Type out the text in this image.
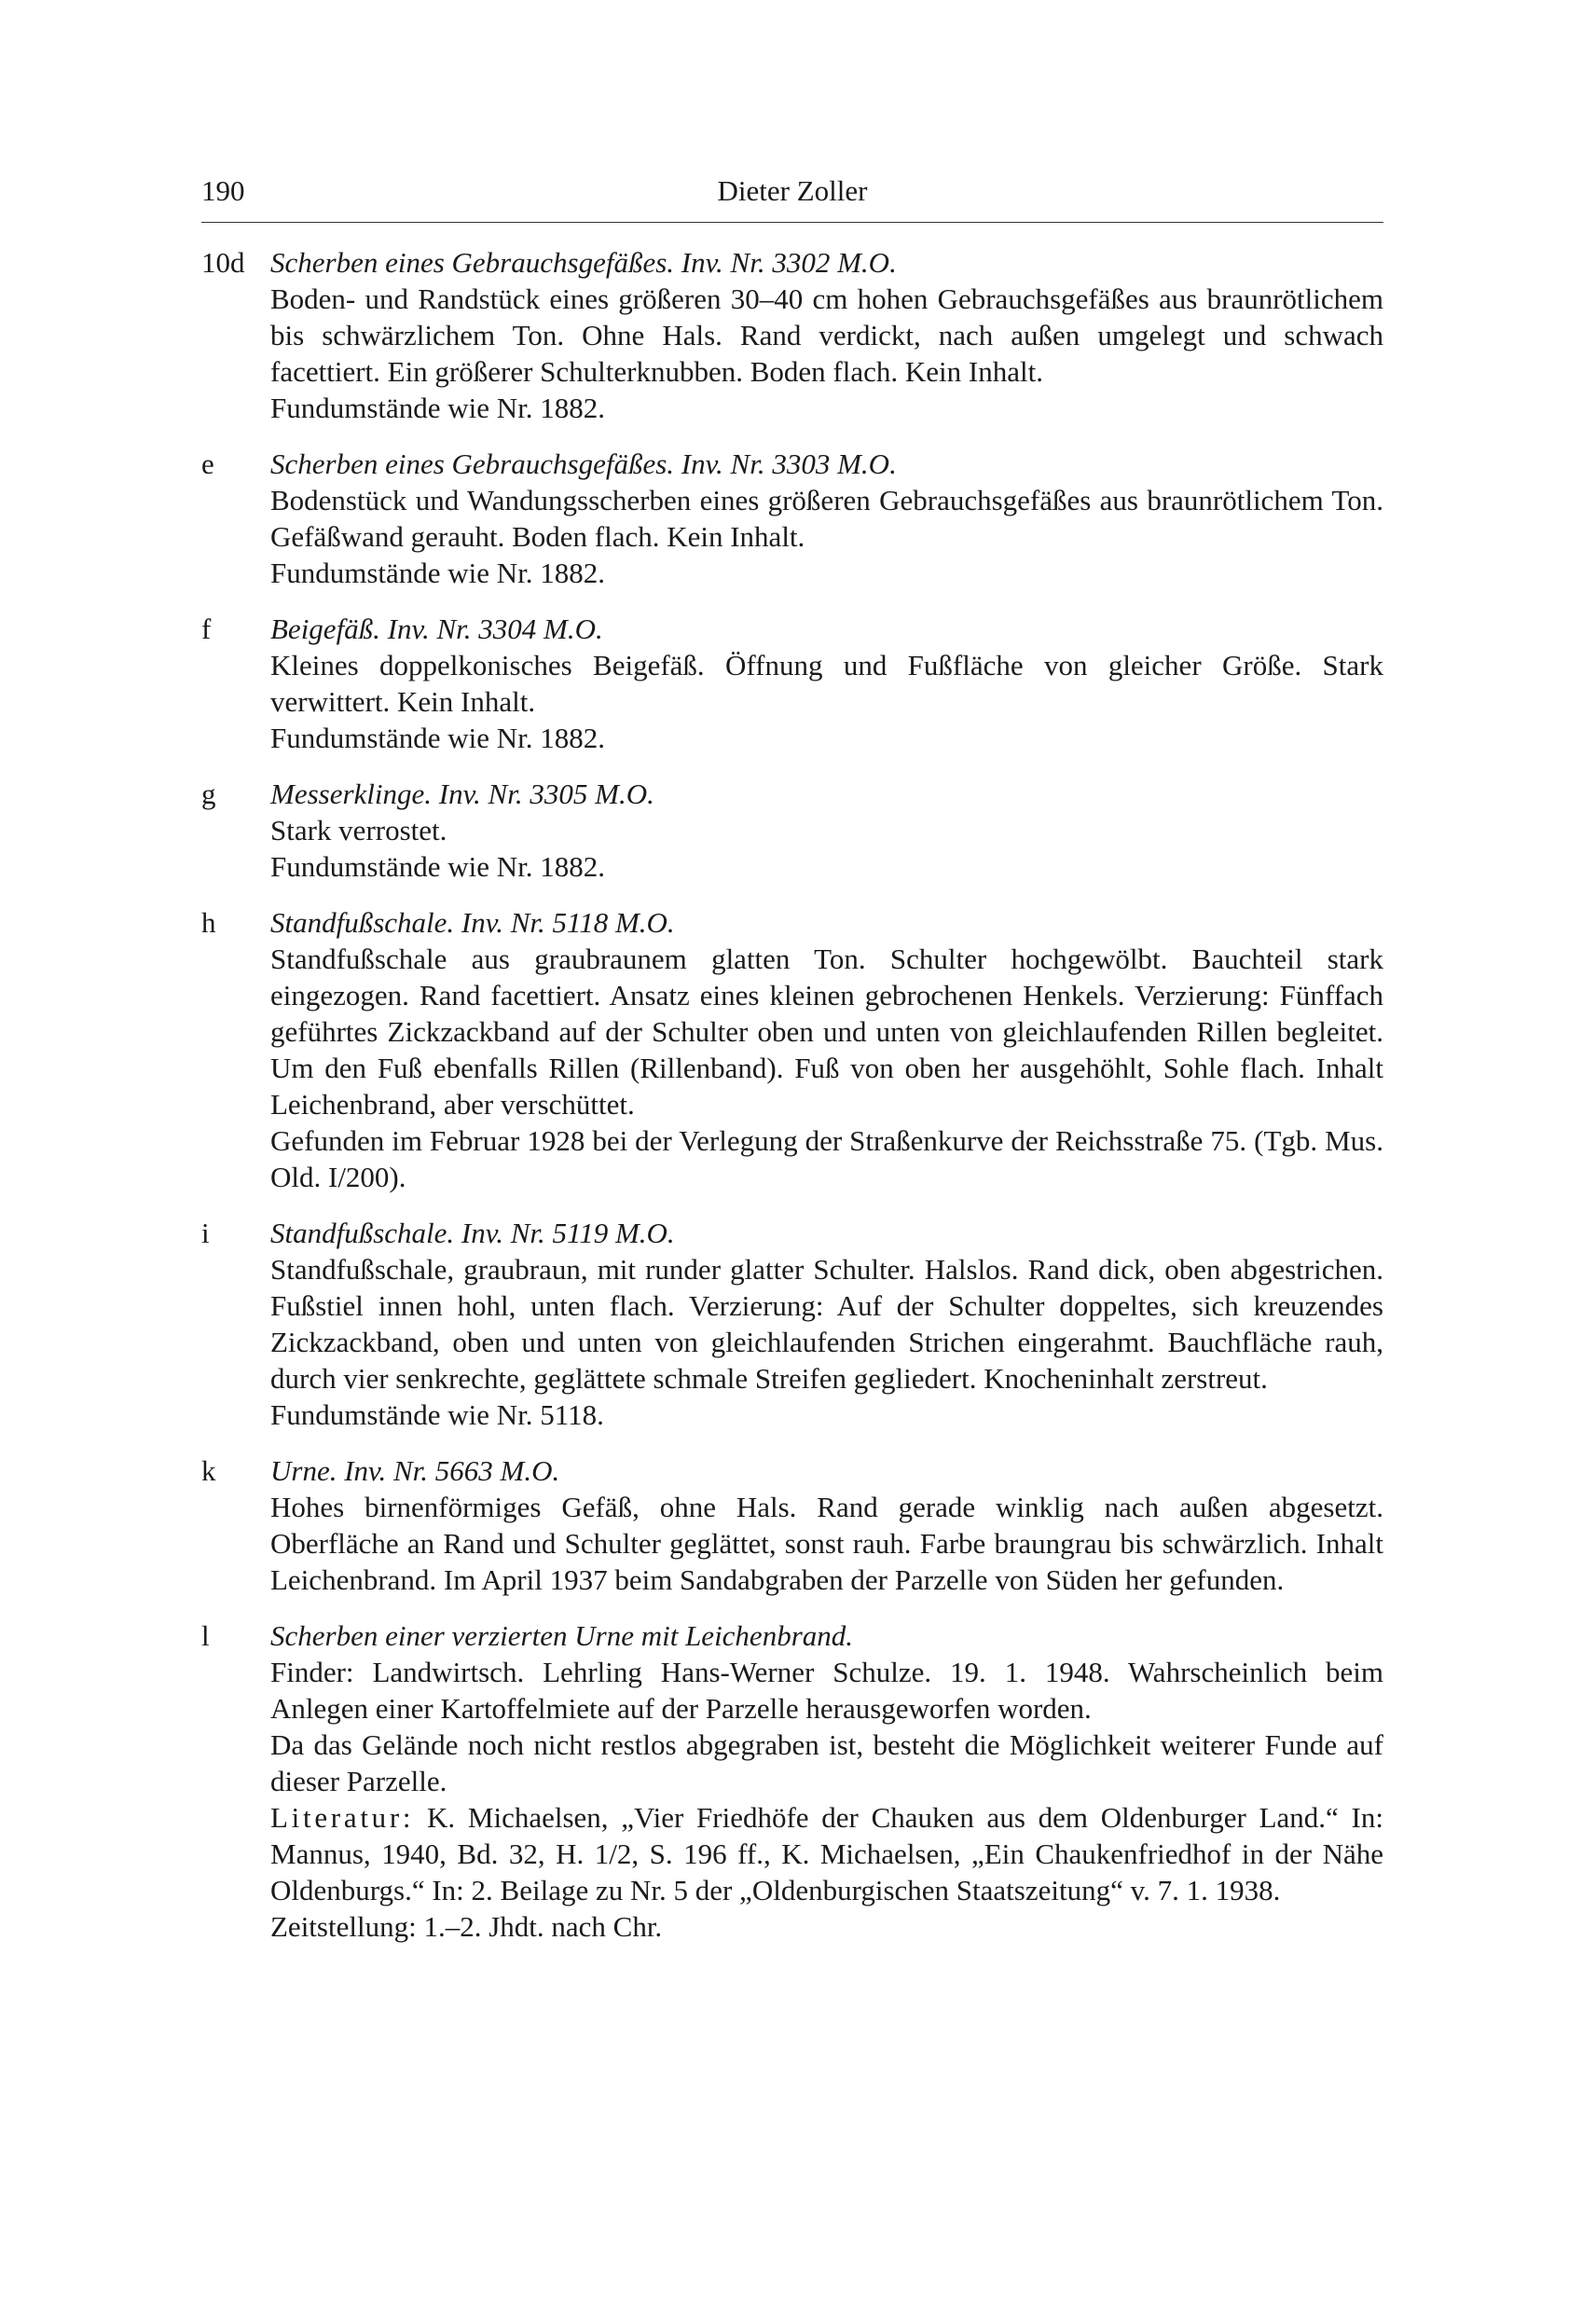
190	Dieter Zoller
10d Scherben eines Gebrauchsgefäßes. Inv. Nr. 3302 M.O.

Boden- und Randstück eines größeren 30–40 cm hohen Gebrauchsgefäßes aus braunrötlichem bis schwärzlichem Ton. Ohne Hals. Rand verdickt, nach außen umgelegt und schwach facettiert. Ein größerer Schulterknubben. Boden flach. Kein Inhalt.

Fundumstände wie Nr. 1882.

e	Scherben eines Gebrauchsgefäßes. Inv. Nr. 3303 M.O.

Bodenstück und Wandungsscherben eines größeren Gebrauchsgefäßes aus braunrötlichem Ton. Gefäßwand gerauht. Boden flach. Kein Inhalt.

Fundumstände wie Nr. 1882.

f	Beigefäß. Inv. Nr. 3304 M.O.

Kleines doppelkonisches Beigefäß. Öffnung und Fußfläche von gleicher Größe. Stark verwittert. Kein Inhalt.

Fundumstände wie Nr. 1882.

g	Messerklinge. Inv. Nr. 3305 M.O.

Stark verrostet.

Fundumstände wie Nr. 1882.

h	Standfußschale. Inv. Nr. 5118 M.O.

Standfußschale aus graubraunem glatten Ton. Schulter hochgewölbt. Bauchteil stark eingezogen. Rand facettiert. Ansatz eines kleinen gebrochenen Henkels. Verzierung: Fünffach geführtes Zickzackband auf der Schulter oben und unten von gleichlaufenden Rillen begleitet. Um den Fuß ebenfalls Rillen (Rillenband). Fuß von oben her ausgehöhlt, Sohle flach. Inhalt Leichenbrand, aber verschüttet.

Gefunden im Februar 1928 bei der Verlegung der Straßenkurve der Reichsstraße 75. (Tgb. Mus. Old. I/200).

i	Standfußschale. Inv. Nr. 5119 M.O.

Standfußschale, graubraun, mit runder glatter Schulter. Halslos. Rand dick, oben abgestrichen. Fußstiel innen hohl, unten flach. Verzierung: Auf der Schulter doppeltes, sich kreuzendes Zickzackband, oben und unten von gleichlaufenden Strichen eingerahmt. Bauchfläche rauh, durch vier senkrechte, geglättete schmale Streifen gegliedert. Knocheninhalt zerstreut.

Fundumstände wie Nr. 5118.

k	Urne. Inv. Nr. 5663 M.O.

Hohes birnenförmiges Gefäß, ohne Hals. Rand gerade winklig nach außen abgesetzt. Oberfläche an Rand und Schulter geglättet, sonst rauh. Farbe braungrau bis schwärzlich. Inhalt Leichenbrand. Im April 1937 beim Sandabgraben der Parzelle von Süden her gefunden.

l	Scherben einer verzierten Urne mit Leichenbrand.

Finder: Landwirtsch. Lehrling Hans-Werner Schulze. 19. 1. 1948. Wahrscheinlich beim Anlegen einer Kartoffelmiete auf der Parzelle herausgeworfen worden.

Da das Gelände noch nicht restlos abgegraben ist, besteht die Möglichkeit weiterer Funde auf dieser Parzelle.

Literatur: K. Michaelsen, „Vier Friedhöfe der Chauken aus dem Oldenburger Land.“ In: Mannus, 1940, Bd. 32, H. 1/2, S. 196 ff., K. Michaelsen, „Ein Chaukenfriedhof in der Nähe Oldenburgs.“ In: 2. Beilage zu Nr. 5 der „Oldenburgischen Staatszeitung“ v. 7. 1. 1938.

Zeitstellung: 1.–2. Jhdt. nach Chr.
